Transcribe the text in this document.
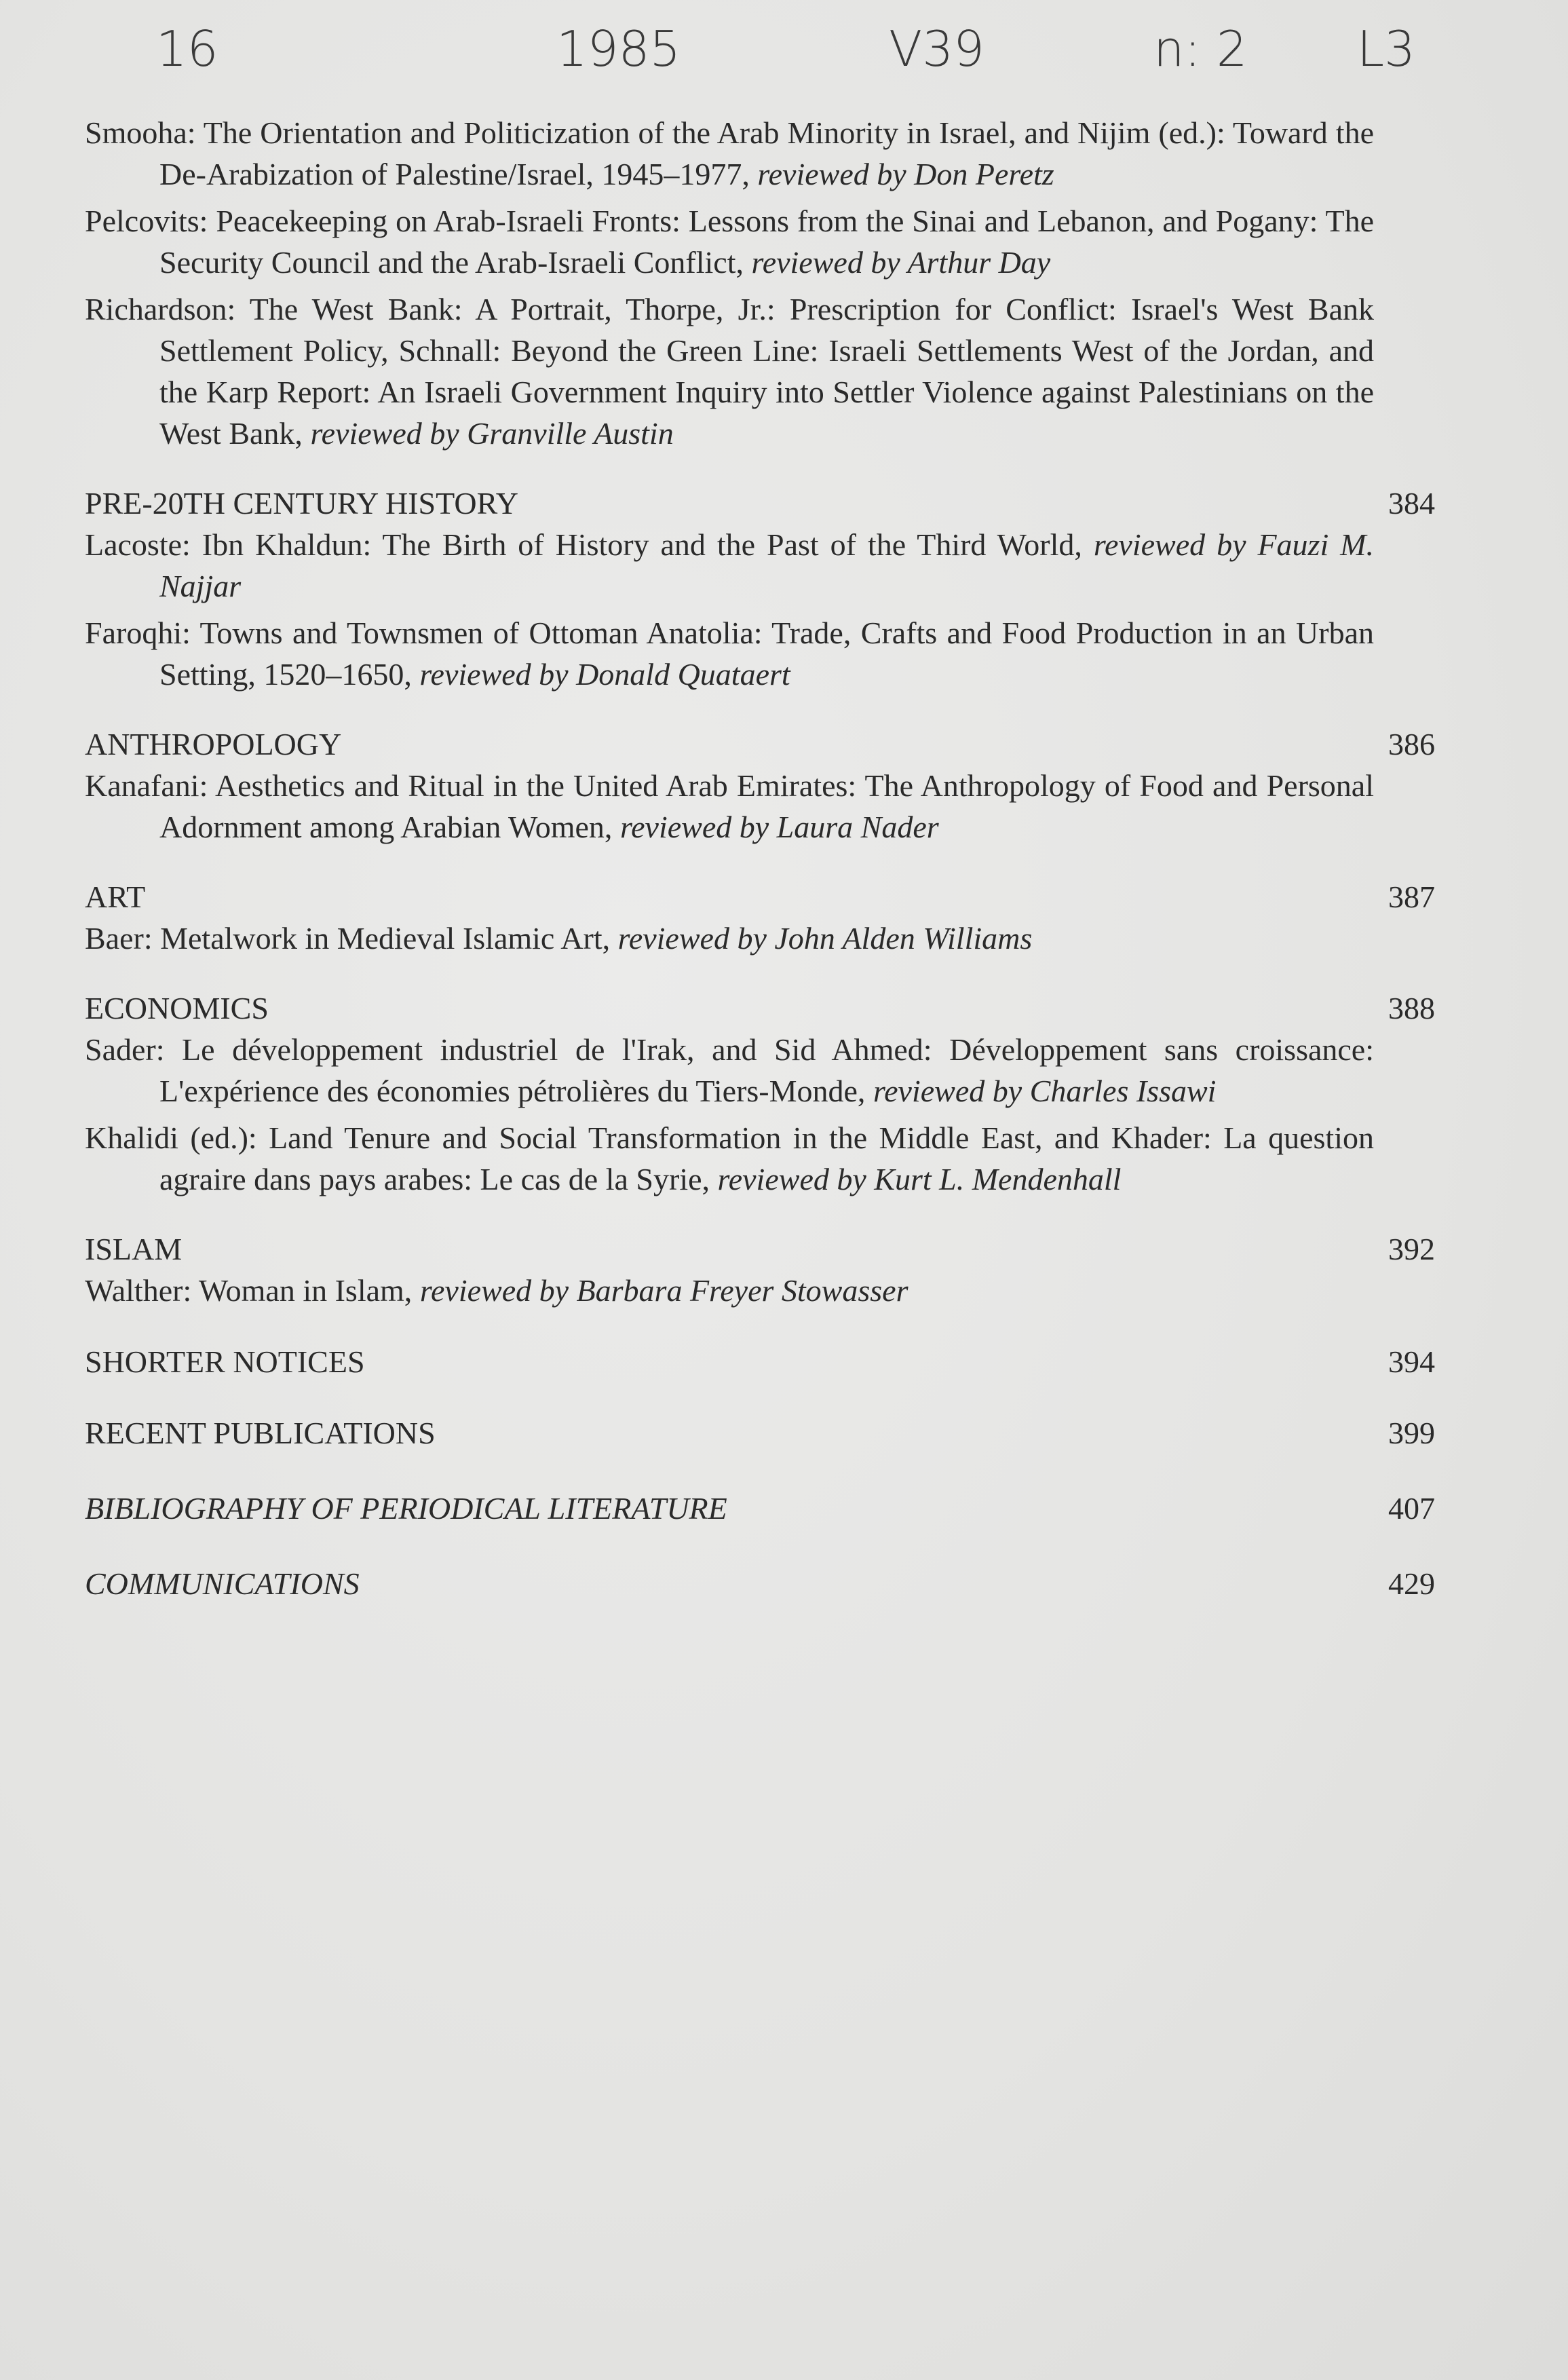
16	1985	V39	n: 2 L3

Smooha: The Orientation and Politicization of the Arab Minority in Israel, and Nijim (ed.): Toward the De-Arabization of Palestine/Israel, 1945–1977, reviewed by Don Peretz

Pelcovits: Peacekeeping on Arab-Israeli Fronts: Lessons from the Sinai and Lebanon, and Pogany: The Security Council and the Arab-Israeli Conflict, reviewed by Arthur Day

Richardson: The West Bank: A Portrait, Thorpe, Jr.: Prescription for Conflict: Israel's West Bank Settlement Policy, Schnall: Beyond the Green Line: Israeli Settlements West of the Jordan, and the Karp Report: An Israeli Government Inquiry into Settler Violence against Palestinians on the West Bank, reviewed by Granville Austin

PRE-20TH CENTURY HISTORY	384

Lacoste: Ibn Khaldun: The Birth of History and the Past of the Third World, reviewed by Fauzi M. Najjar

Faroqhi: Towns and Townsmen of Ottoman Anatolia: Trade, Crafts and Food Production in an Urban Setting, 1520–1650, reviewed by Donald Quataert

ANTHROPOLOGY	386

Kanafani: Aesthetics and Ritual in the United Arab Emirates: The Anthropology of Food and Personal Adornment among Arabian Women, reviewed by Laura Nader

ART	387

Baer: Metalwork in Medieval Islamic Art, reviewed by John Alden Williams

ECONOMICS	388

Sader: Le développement industriel de l'Irak, and Sid Ahmed: Développement sans croissance: L'expérience des économies pétrolières du Tiers-Monde, reviewed by Charles Issawi

Khalidi (ed.): Land Tenure and Social Transformation in the Middle East, and Khader: La question agraire dans pays arabes: Le cas de la Syrie, reviewed by Kurt L. Mendenhall

ISLAM	392

Walther: Woman in Islam, reviewed by Barbara Freyer Stowasser

SHORTER NOTICES	394
RECENT PUBLICATIONS	399
BIBLIOGRAPHY OF PERIODICAL LITERATURE	407
COMMUNICATIONS	429
